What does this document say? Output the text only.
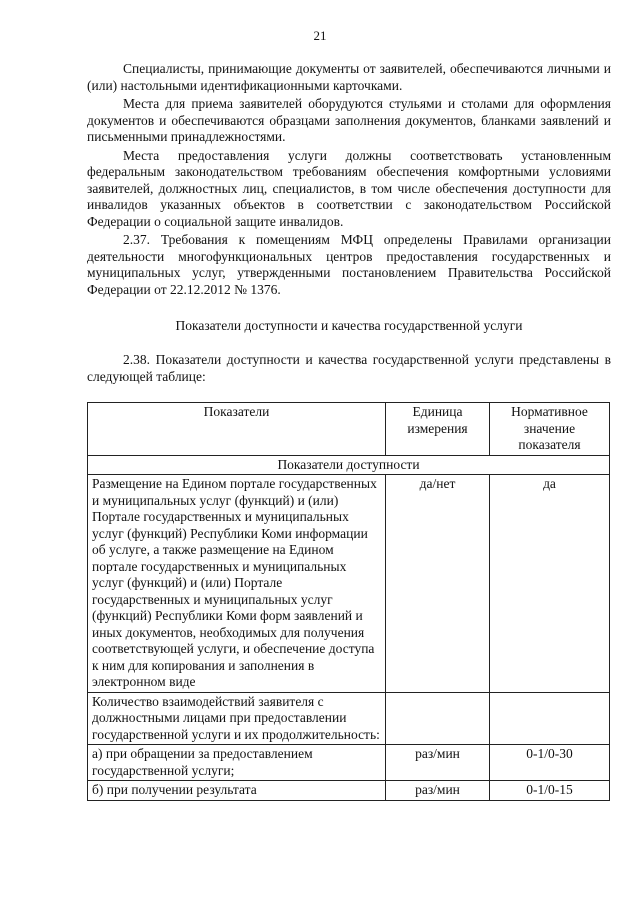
21

Специалисты, принимающие документы от заявителей, обеспечиваются личными и (или) настольными идентификационными карточками.

Места для приема заявителей оборудуются стульями и столами для оформления документов и обеспечиваются образцами заполнения документов, бланками заявлений и письменными принадлежностями.

Места предоставления услуги должны соответствовать установленным федеральным законодательством требованиям обеспечения комфортными условиями заявителей, должностных лиц, специалистов, в том числе обеспечения доступности для инвалидов указанных объектов в соответствии с законодательством Российской Федерации о социальной защите инвалидов.

2.37. Требования к помещениям МФЦ определены Правилами организации деятельности многофункциональных центров предоставления государственных и муниципальных услуг, утвержденными постановлением Правительства Российской Федерации от 22.12.2012 № 1376.

Показатели доступности и качества государственной услуги

2.38. Показатели доступности и качества государственной услуги представлены в следующей таблице:

Показатели	Единица измерения	Нормативное значение показателя
Показатели доступности		
Размещение на Едином портале государственных и муниципальных услуг (функций) и (или) Портале государственных и муниципальных услуг (функций) Республики Коми информации об услуге, а также размещение на Едином портале государственных и муниципальных услуг (функций) и (или) Портале государственных и муниципальных услуг (функций) Республики Коми форм заявлений и иных документов, необходимых для получения соответствующей услуги, и обеспечение доступа к ним для копирования и заполнения в электронном виде	да/нет	да
Количество взаимодействий заявителя с должностными лицами при предоставлении государственной услуги и их продолжительность:		
а) при обращении за предоставлением государственной услуги;	раз/мин	0-1/0-30
б) при получении результата	раз/мин	0-1/0-15
